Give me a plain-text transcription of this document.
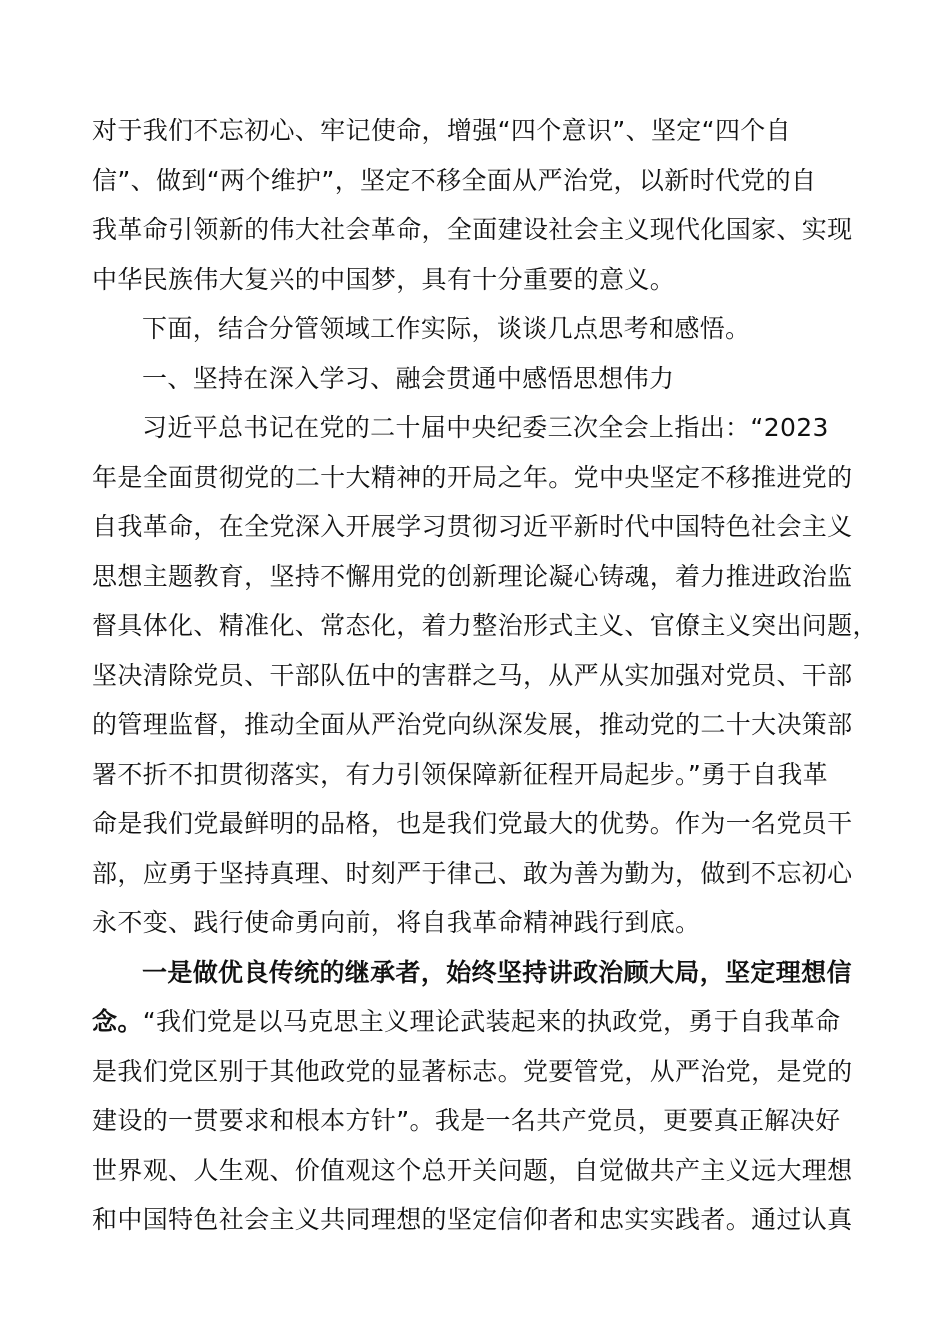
对于我们不忘初心、牢记使命，增强“四个意识”、坚定“四个自
信”、做到“两个维护”，坚定不移全面从严治党，以新时代党的自
我革命引领新的伟大社会革命，全面建设社会主义现代化国家、实现
中华民族伟大复兴的中国梦，具有十分重要的意义。
下面，结合分管领域工作实际，谈谈几点思考和感悟。
一、坚持在深入学习、融会贯通中感悟思想伟力
习近平总书记在党的二十届中央纪委三次全会上指出：“2023
年是全面贯彻党的二十大精神的开局之年。党中央坚定不移推进党的
自我革命，在全党深入开展学习贯彻习近平新时代中国特色社会主义
思想主题教育，坚持不懈用党的创新理论凝心铸魂，着力推进政治监
督具体化、精准化、常态化，着力整治形式主义、官僚主义突出问题，
坚决清除党员、干部队伍中的害群之马，从严从实加强对党员、干部
的管理监督，推动全面从严治党向纵深发展，推动党的二十大决策部
署不折不扣贯彻落实，有力引领保障新征程开局起步。”勇于自我革
命是我们党最鲜明的品格，也是我们党最大的优势。作为一名党员干
部，应勇于坚持真理、时刻严于律己、敢为善为勤为，做到不忘初心
永不变、践行使命勇向前，将自我革命精神践行到底。
一是做优良传统的继承者，始终坚持讲政治顾大局，坚定理想信
念。“我们党是以马克思主义理论武装起来的执政党，勇于自我革命
是我们党区别于其他政党的显著标志。党要管党，从严治党，是党的
建设的一贯要求和根本方针”。我是一名共产党员，更要真正解决好
世界观、人生观、价值观这个总开关问题，自觉做共产主义远大理想
和中国特色社会主义共同理想的坚定信仰者和忠实实践者。通过认真
